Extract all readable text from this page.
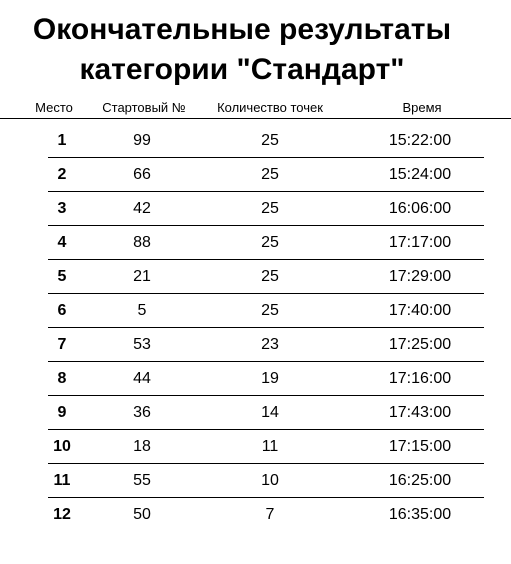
Окончательные результаты
категории "Стандарт"
Место	Стартовый №	Количество точек	Время
1	99	25	15:22:00
2	66	25	15:24:00
3	42	25	16:06:00
4	88	25	17:17:00
5	21	25	17:29:00
6	5	25	17:40:00
7	53	23	17:25:00
8	44	19	17:16:00
9	36	14	17:43:00
10	18	11	17:15:00
11	55	10	16:25:00
12	50	7	16:35:00
